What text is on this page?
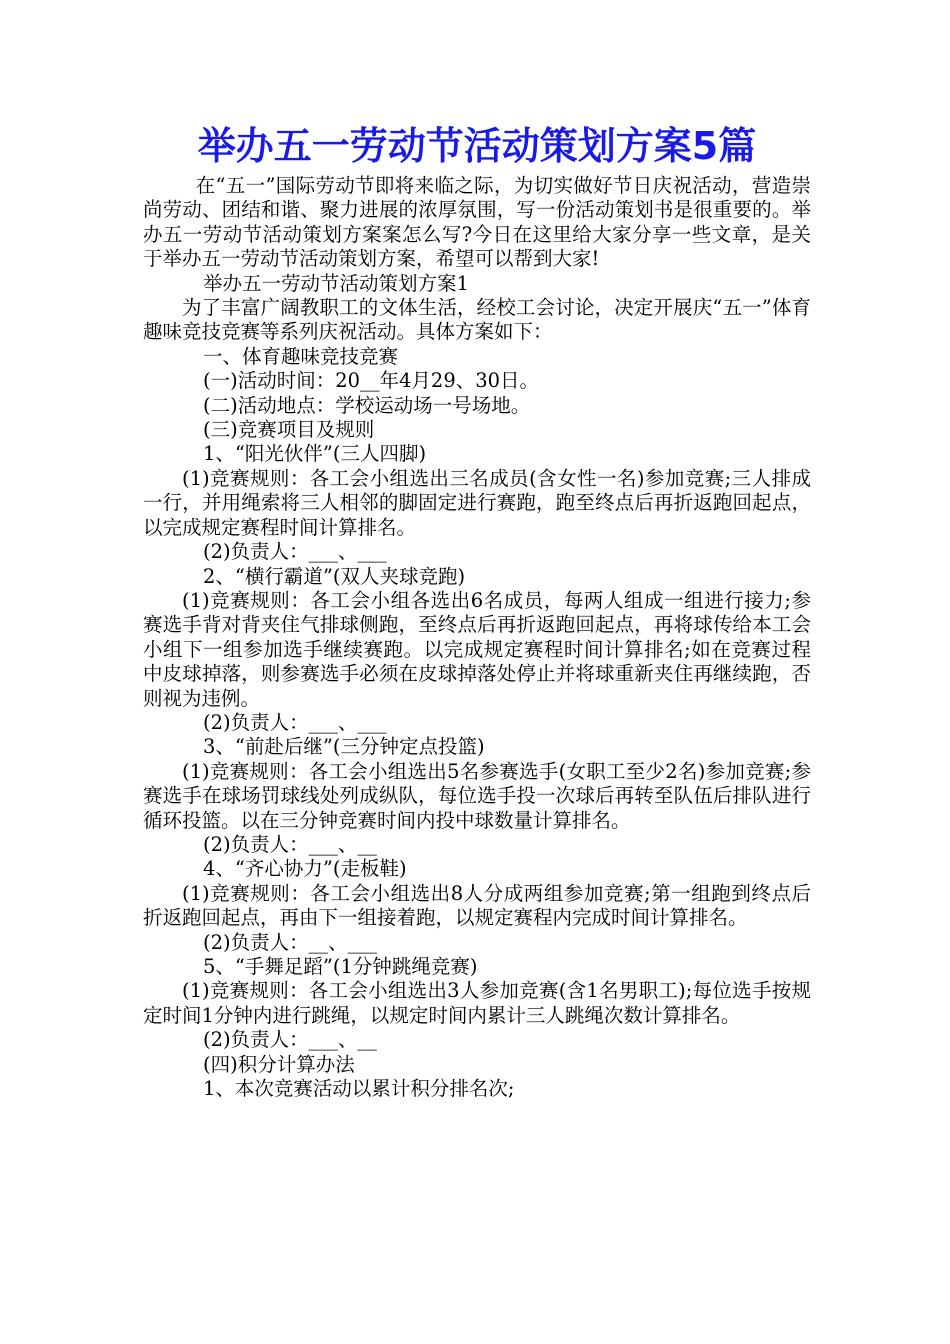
举办五一劳动节活动策划方案5篇

在“五一”国际劳动节即将来临之际，为切实做好节日庆祝活动，营造崇尚劳动、团结和谐、聚力进展的浓厚氛围，写一份活动策划书是很重要的。举办五一劳动节活动策划方案案怎么写?今日在这里给大家分享一些文章，是关于举办五一劳动节活动策划方案，希望可以帮到大家!

举办五一劳动节活动策划方案1

为了丰富广阔教职工的文体生活，经校工会讨论，决定开展庆“五一”体育趣味竞技竞赛等系列庆祝活动。具体方案如下：

一、体育趣味竞技竞赛

(一)活动时间：20__年4月29、30日。

(二)活动地点：学校运动场一号场地。

(三)竞赛项目及规则

1、“阳光伙伴”(三人四脚)

(1)竞赛规则：各工会小组选出三名成员(含女性一名)参加竞赛;三人排成一行，并用绳索将三人相邻的脚固定进行赛跑，跑至终点后再折返跑回起点，以完成规定赛程时间计算排名。

(2)负责人：___、___

2、“横行霸道”(双人夹球竞跑)

(1)竞赛规则：各工会小组各选出6名成员，每两人组成一组进行接力;参赛选手背对背夹住气排球侧跑，至终点后再折返跑回起点，再将球传给本工会小组下一组参加选手继续赛跑。以完成规定赛程时间计算排名;如在竞赛过程中皮球掉落，则参赛选手必须在皮球掉落处停止并将球重新夹住再继续跑，否则视为违例。

(2)负责人：___、___

3、“前赴后继”(三分钟定点投篮)

(1)竞赛规则：各工会小组选出5名参赛选手(女职工至少2名)参加竞赛;参赛选手在球场罚球线处列成纵队，每位选手投一次球后再转至队伍后排队进行循环投篮。以在三分钟竞赛时间内投中球数量计算排名。

(2)负责人：___、__

4、“齐心协力”(走板鞋)

(1)竞赛规则：各工会小组选出8人分成两组参加竞赛;第一组跑到终点后折返跑回起点，再由下一组接着跑，以规定赛程内完成时间计算排名。

(2)负责人：__、___

5、“手舞足蹈”(1分钟跳绳竞赛)

(1)竞赛规则：各工会小组选出3人参加竞赛(含1名男职工);每位选手按规定时间1分钟内进行跳绳，以规定时间内累计三人跳绳次数计算排名。

(2)负责人：___、__

(四)积分计算办法

1、本次竞赛活动以累计积分排名次;
